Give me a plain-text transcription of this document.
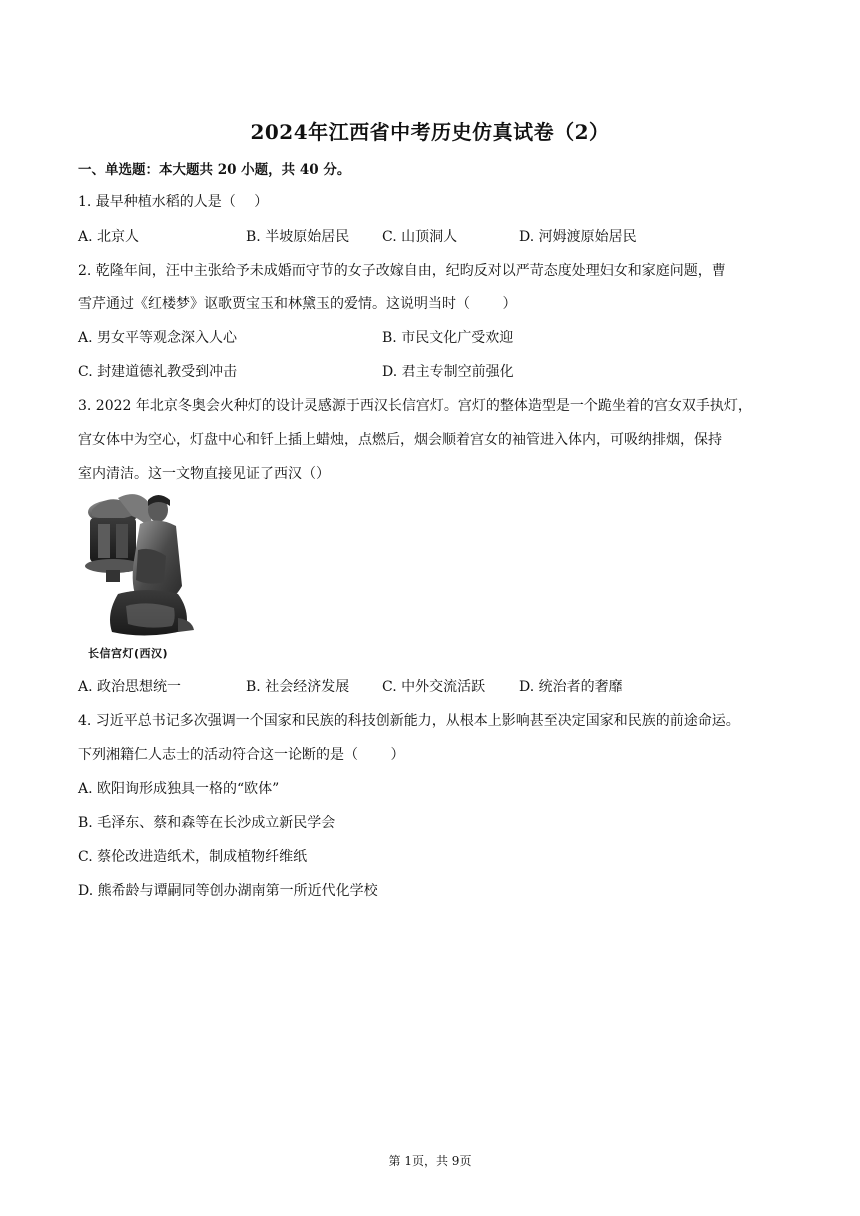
2024年江西省中考历史仿真试卷（2）
一、单选题：本大题共 20 小题，共 40 分。
1. 最早种植水稻的人是（　 ）
A. 北京人	B. 半坡原始居民 C. 山顶洞人	D. 河姆渡原始居民
2. 乾隆年间，汪中主张给予未成婚而守节的女子改嫁自由，纪昀反对以严苛态度处理妇女和家庭问题，曹
雪芹通过《红楼梦》讴歌贾宝玉和林黛玉的爱情。这说明当时（　　 ）
A. 男女平等观念深入人心	B. 市民文化广受欢迎
C. 封建道德礼教受到冲击	D. 君主专制空前强化
3. 2022 年北京冬奥会火种灯的设计灵感源于西汉长信宫灯。宫灯的整体造型是一个跪坐着的宫女双手执灯，
宫女体中为空心，灯盘中心和钎上插上蜡烛，点燃后，烟会顺着宫女的袖管进入体内，可吸纳排烟，保持
室内清洁。这一文物直接见证了西汉（）
长信宫灯(西汉)
A. 政治思想统一	B. 社会经济发展 C. 中外交流活跃 D. 统治者的奢靡
4. 习近平总书记多次强调一个国家和民族的科技创新能力，从根本上影响甚至决定国家和民族的前途命运。
下列湘籍仁人志士的活动符合这一论断的是（　　 ）
A. 欧阳询形成独具一格的“欧体”
B. 毛泽东、蔡和森等在长沙成立新民学会
C. 蔡伦改进造纸术，制成植物纤维纸
D. 熊希龄与谭嗣同等创办湖南第一所近代化学校
第 1页，共 9页
